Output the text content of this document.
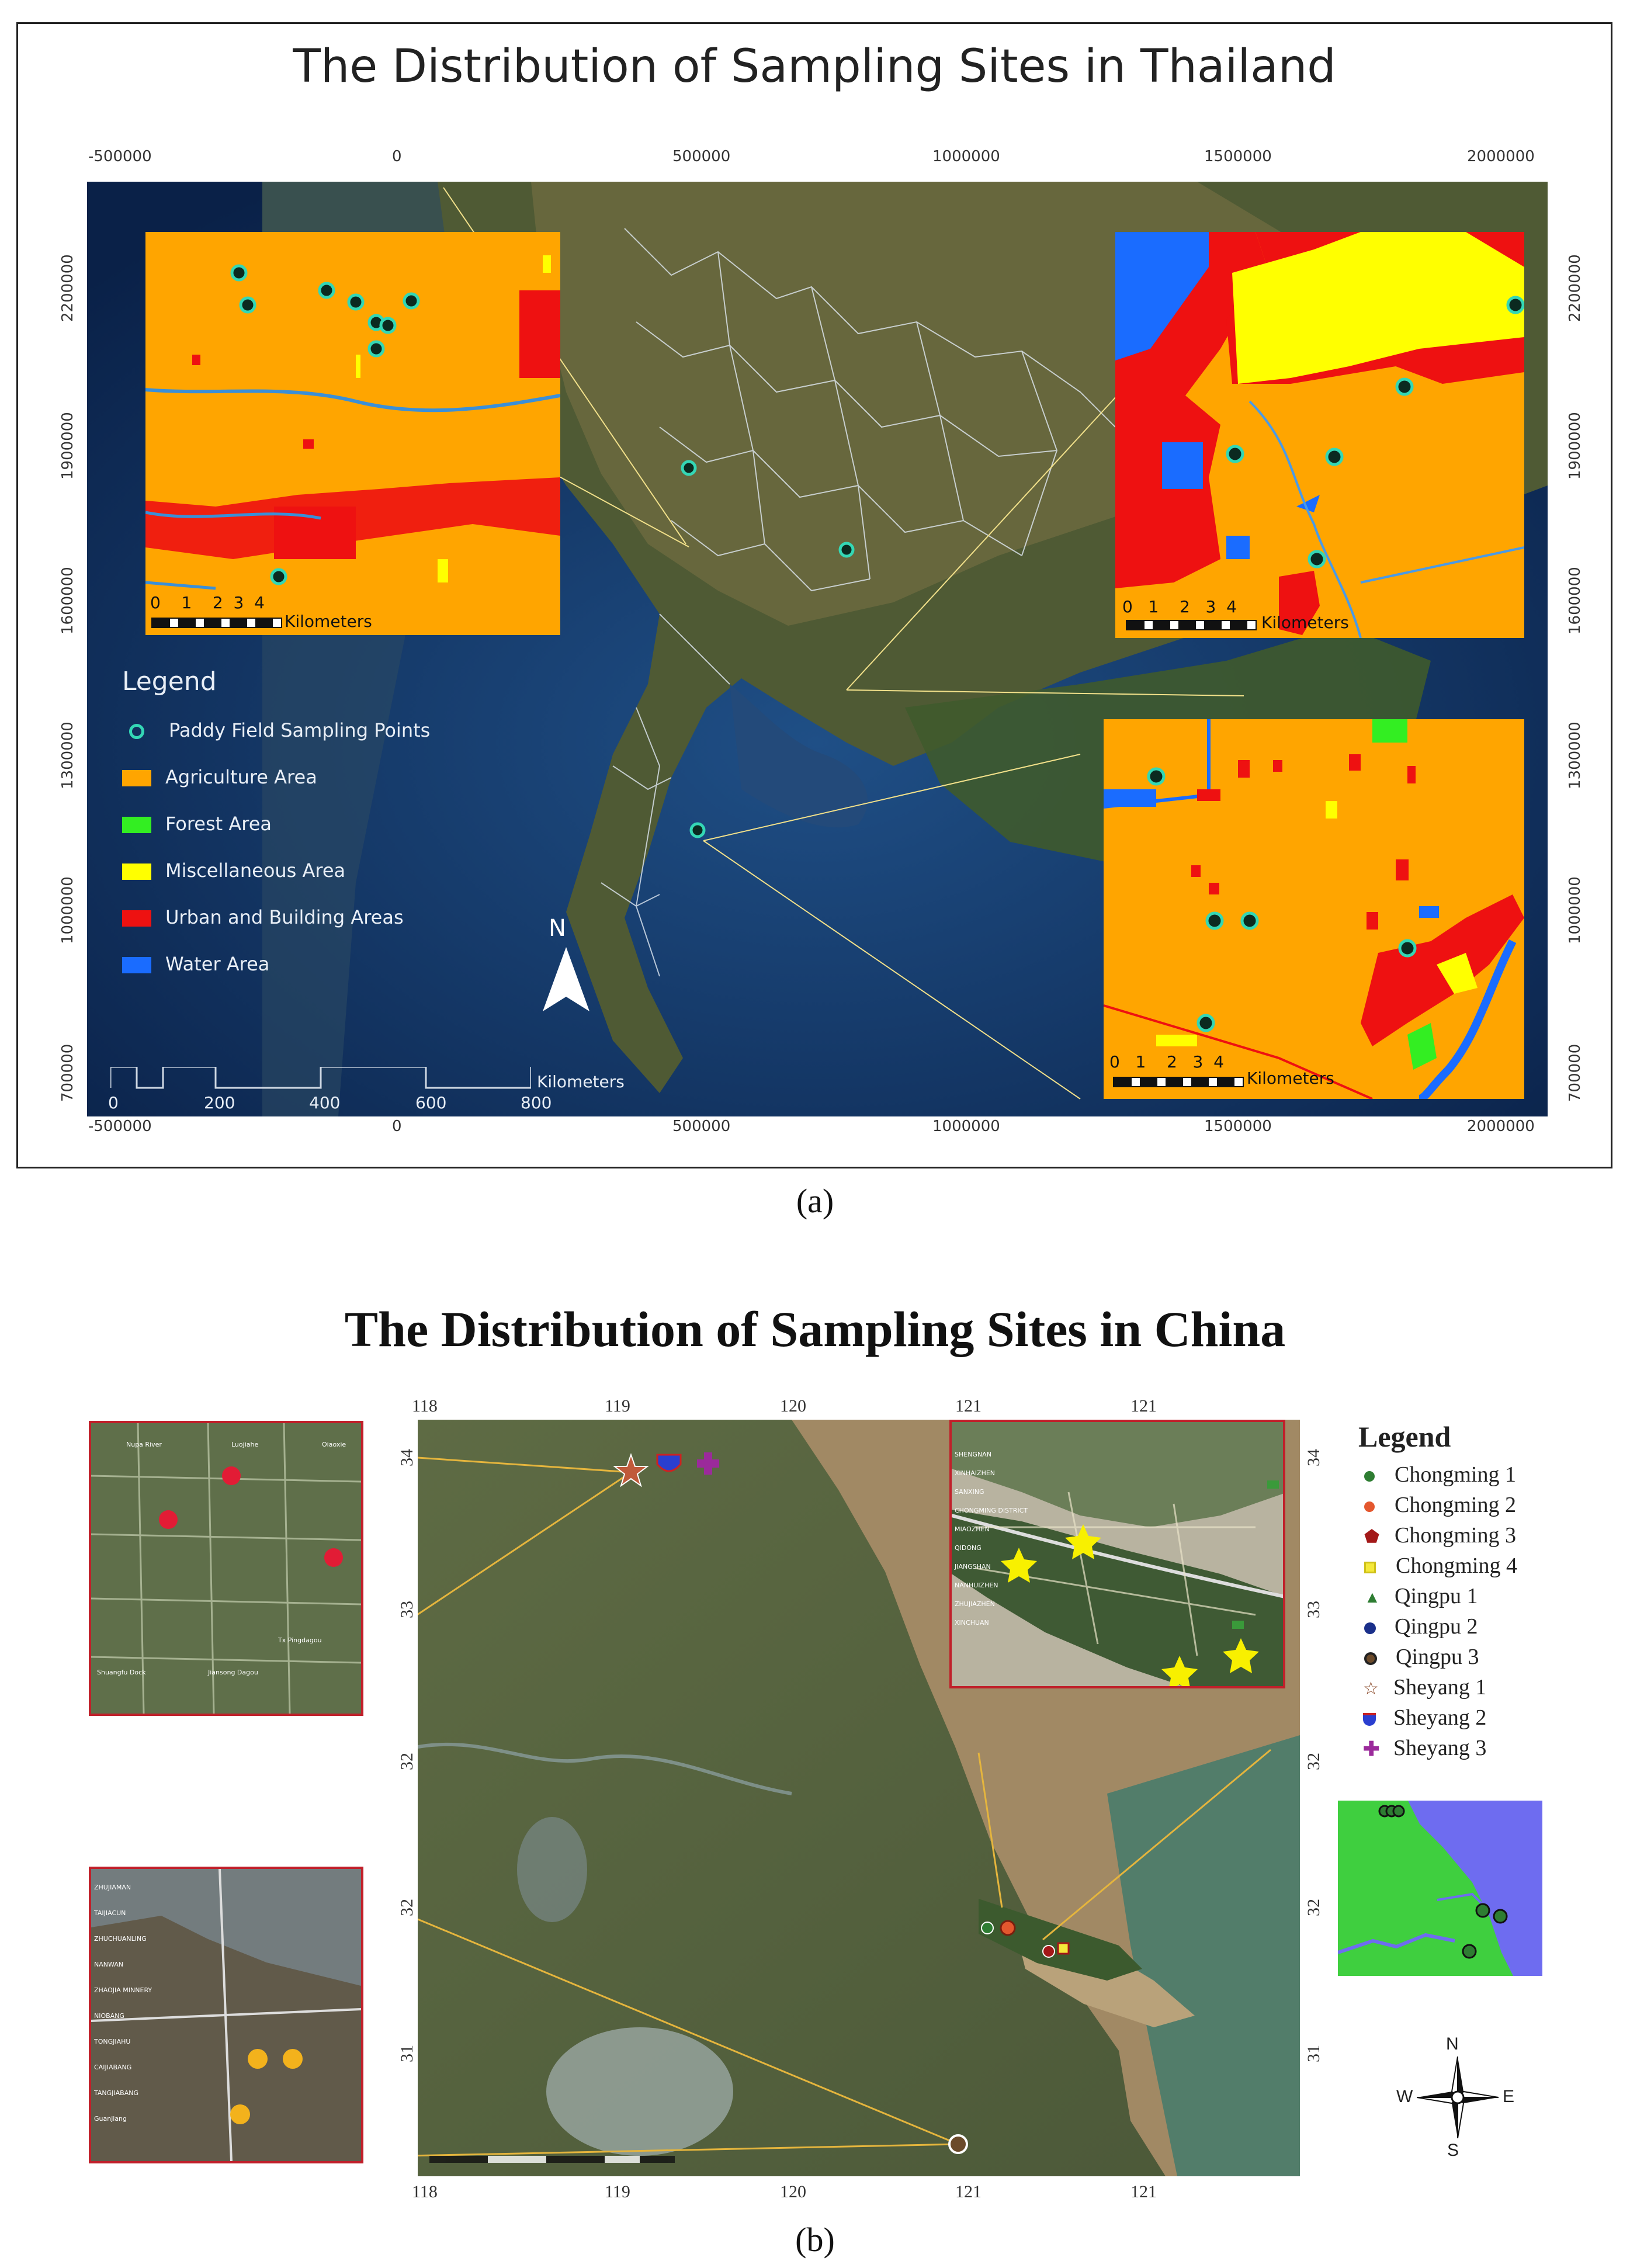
The Distribution of Sampling Sites in Thailand
-500000	0	500000	1000000	1500000	2000000
-500000	0	500000	1000000	1500000	2000000
2200000
1900000
1600000
1300000
1000000
700000
2200000
1900000
1600000
1300000
1000000
700000
0 1 2 3 4
Kilometers
0 1 2 3 4
Kilometers
0 1 2 3 4
Kilometers
Legend
Paddy Field Sampling Points
Agriculture Area
Forest Area
Miscellaneous Area
Urban and Building Areas
Water Area
N
0	200	400	600	800
Kilometers
(a)
The Distribution of Sampling Sites in China
118	119	120	121	121
118	119	120	121	121
34
33
32
32
31
34
33
32
32
31
SHENGNAN
XINHAIZHEN
SANXING
CHONGMING DISTRICT
MIAOZHEN
QIDONG
JIANGSHAN
NANHUIZHEN
ZHUJIAZHEN
XINCHUAN
Nupa River	Luojiahe	Oiaoxie
Shuangfu Dock	Jiansong Dagou
Tx Pingdagou
ZHUJIAMAN
TAIJIACUN
ZHUCHUANLING
NANWAN
ZHAOJIA MINNERY
NIOBANG
TONGJIAHU
CAIJIABANG
TANGJIABANG
Guanjiang
Legend
Chongming 1
Chongming 2
⬟ Chongming 3
Chongming 4
▲ Qingpu 1
Qingpu 2
Qingpu 3
☆ Sheyang 1
Sheyang 2
✚ Sheyang 3
N
W	E
S
(b)
